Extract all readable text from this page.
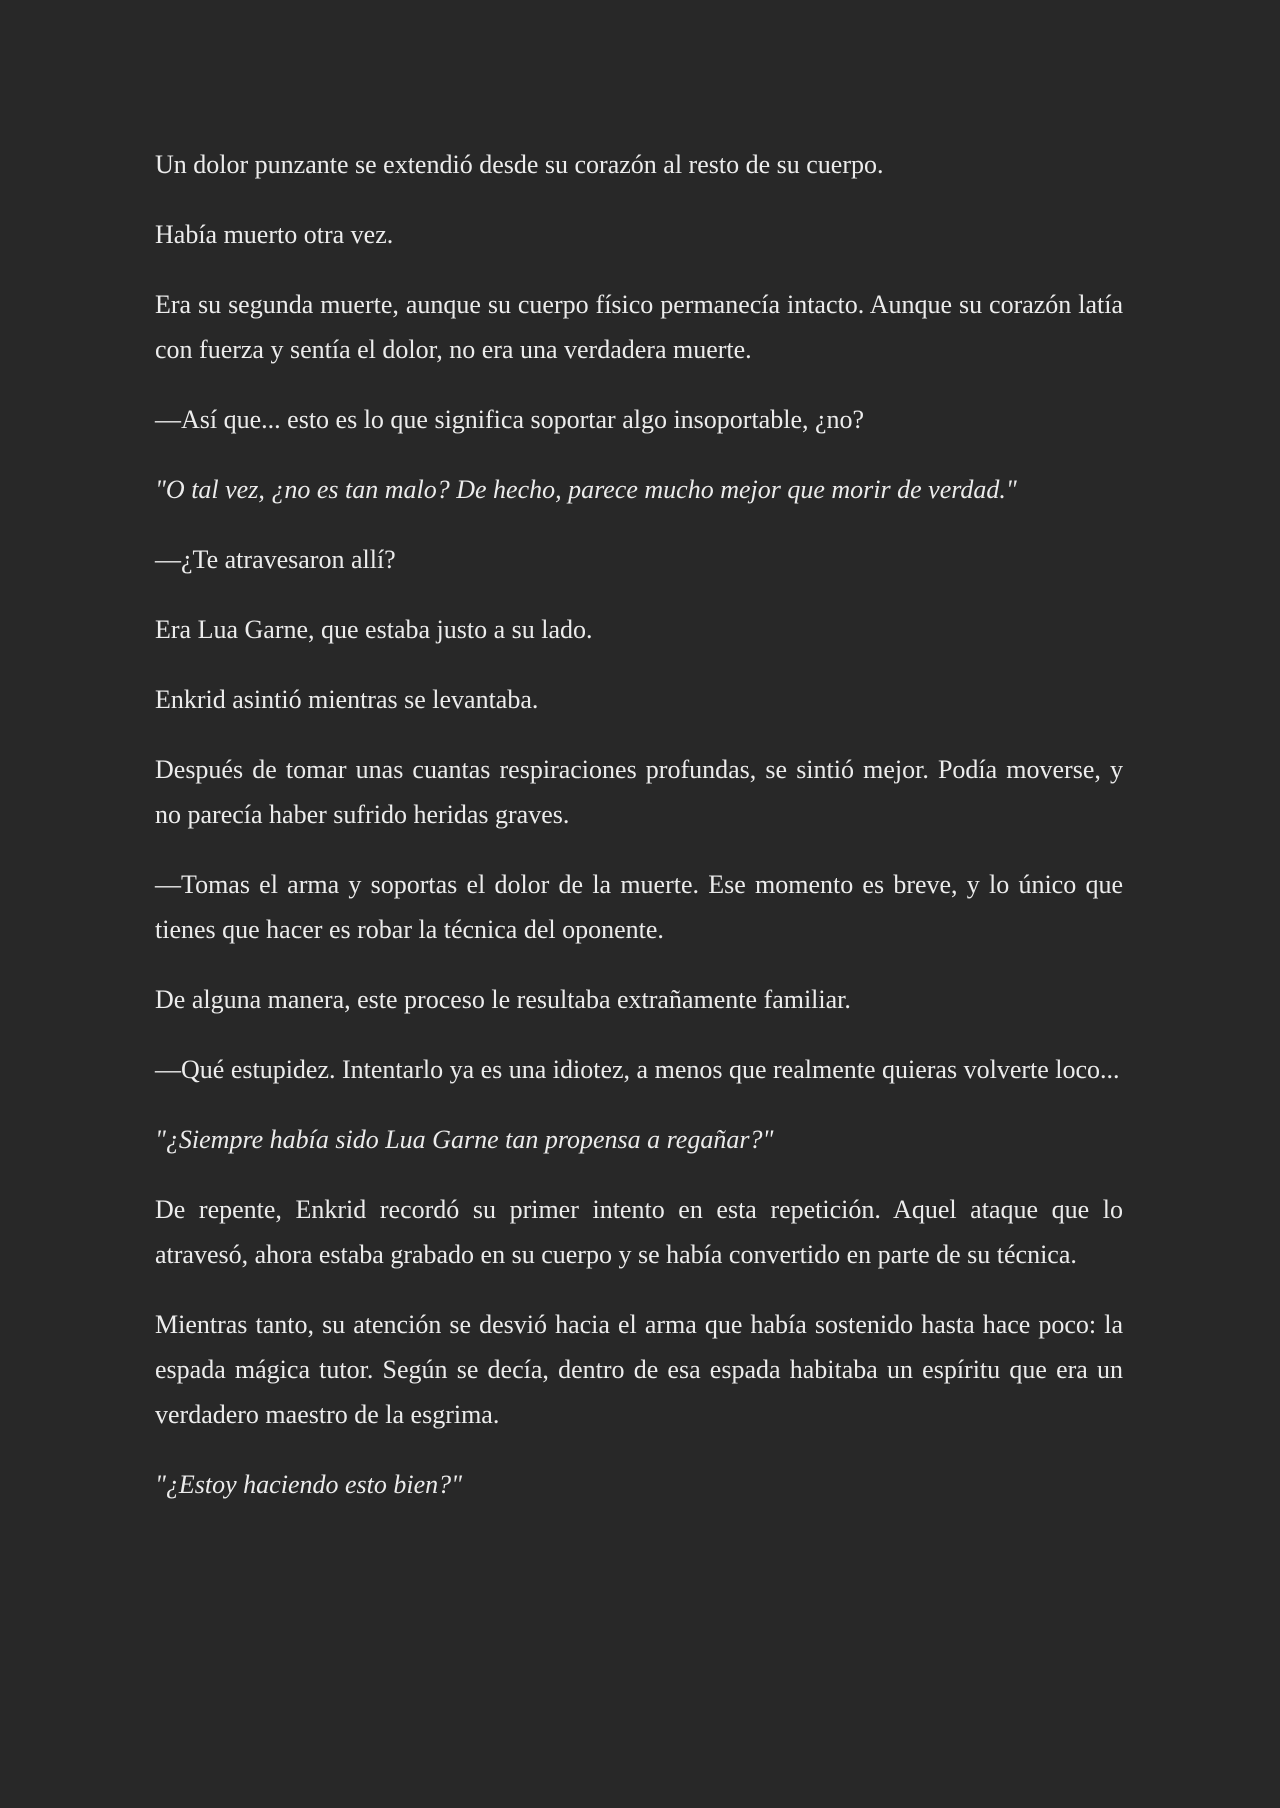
Un dolor punzante se extendió desde su corazón al resto de su cuerpo.

Había muerto otra vez.

Era su segunda muerte, aunque su cuerpo físico permanecía intacto. Aunque su corazón latía con fuerza y sentía el dolor, no era una verdadera muerte.

—Así que... esto es lo que significa soportar algo insoportable, ¿no?

"O tal vez, ¿no es tan malo? De hecho, parece mucho mejor que morir de verdad."

—¿Te atravesaron allí?

Era Lua Garne, que estaba justo a su lado.

Enkrid asintió mientras se levantaba.

Después de tomar unas cuantas respiraciones profundas, se sintió mejor. Podía moverse, y no parecía haber sufrido heridas graves.

—Tomas el arma y soportas el dolor de la muerte. Ese momento es breve, y lo único que tienes que hacer es robar la técnica del oponente.

De alguna manera, este proceso le resultaba extrañamente familiar.

—Qué estupidez. Intentarlo ya es una idiotez, a menos que realmente quieras volverte loco...

"¿Siempre había sido Lua Garne tan propensa a regañar?"

De repente, Enkrid recordó su primer intento en esta repetición. Aquel ataque que lo atravesó, ahora estaba grabado en su cuerpo y se había convertido en parte de su técnica.

Mientras tanto, su atención se desvió hacia el arma que había sostenido hasta hace poco: la espada mágica tutor. Según se decía, dentro de esa espada habitaba un espíritu que era un verdadero maestro de la esgrima.

"¿Estoy haciendo esto bien?"
